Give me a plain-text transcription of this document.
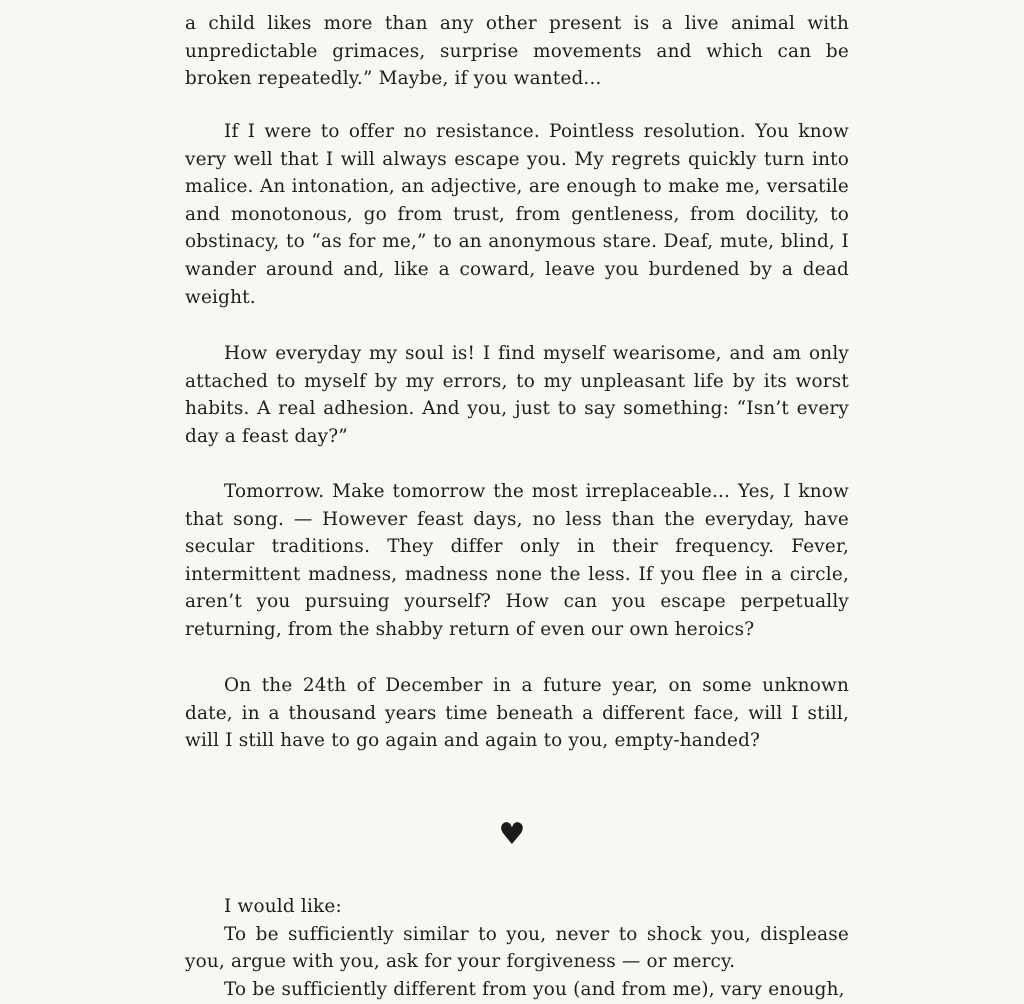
a child likes more than any other present is a live animal with unpredictable grimaces, surprise movements and which can be broken repeatedly.” Maybe, if you wanted...

If I were to offer no resistance. Pointless resolution. You know very well that I will always escape you. My regrets quickly turn into malice. An intonation, an adjective, are enough to make me, versatile and monotonous, go from trust, from gentleness, from docility, to obstinacy, to “as for me,” to an anonymous stare. Deaf, mute, blind, I wander around and, like a coward, leave you burdened by a dead weight.

How everyday my soul is! I find myself wearisome, and am only attached to myself by my errors, to my unpleasant life by its worst habits. A real adhesion. And you, just to say something: “Isn’t every day a feast day?”

Tomorrow. Make tomorrow the most irreplaceable... Yes, I know that song. — However feast days, no less than the everyday, have secular traditions. They differ only in their frequency. Fever, intermittent madness, madness none the less. If you flee in a circle, aren’t you pursuing yourself? How can you escape perpetually returning, from the shabby return of even our own heroics?

On the 24th of December in a future year, on some unknown date, in a thousand years time beneath a different face, will I still, will I still have to go again and again to you, empty-handed?

♥

I would like:

To be sufficiently similar to you, never to shock you, displease you, argue with you, ask for your forgiveness — or mercy.

To be sufficiently different from you (and from me), vary enough,
